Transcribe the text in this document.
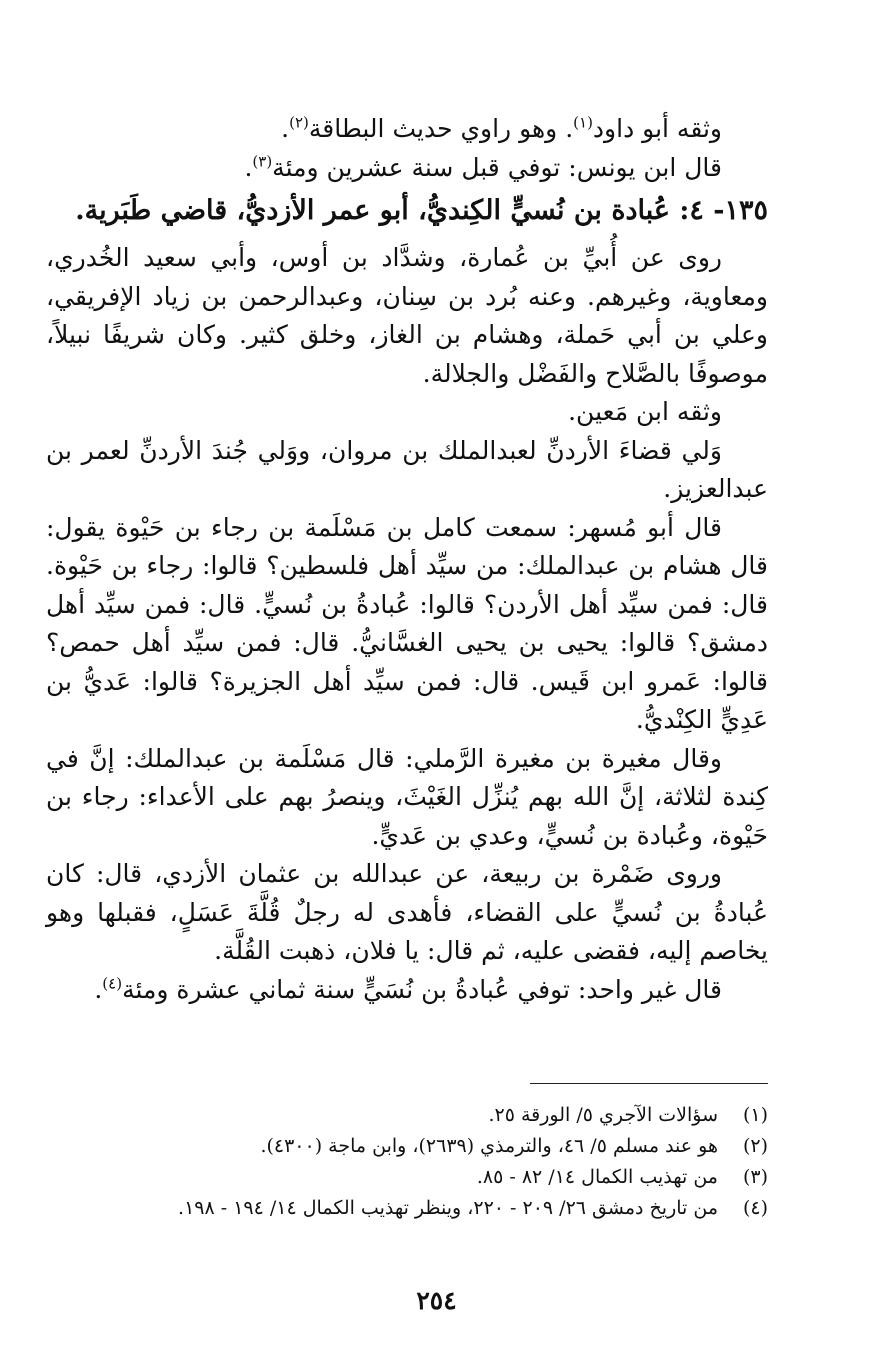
وثقه أبو داود$^{(١)}$. وهو راوي حديث البطاقة$^{(٢)}$.

قال ابن يونس: توفي قبل سنة عشرين ومئة$^{(٣)}$.

١٣٥- ٤: عُبادة بن نُسيٍّ الكِنديُّ، أبو عمر الأزديُّ، قاضي طَبَرية.

روى عن أُبيِّ بن عُمارة، وشدَّاد بن أوس، وأبي سعيد الخُدري، ومعاوية، وغيرهم. وعنه بُرد بن سِنان، وعبدالرحمن بن زياد الإفريقي، وعلي بن أبي حَملة، وهشام بن الغاز، وخلق كثير. وكان شريفًا نبيلاً، موصوفًا بالصَّلاح والفَضْل والجلالة.

وثقه ابن مَعين.

وَلي قضاءَ الأردنِّ لعبدالملك بن مروان، ووَلي جُندَ الأردنِّ لعمر بن عبدالعزيز.

قال أبو مُسهر: سمعت كامل بن مَسْلَمة بن رجاء بن حَيْوة يقول: قال هشام بن عبدالملك: من سيِّد أهل فلسطين؟ قالوا: رجاء بن حَيْوة. قال: فمن سيِّد أهل الأردن؟ قالوا: عُبادةُ بن نُسيٍّ. قال: فمن سيِّد أهل دمشق؟ قالوا: يحيى بن يحيى الغسَّانيُّ. قال: فمن سيِّد أهل حمص؟ قالوا: عَمرو ابن قَيس. قال: فمن سيِّد أهل الجزيرة؟ قالوا: عَديُّ بن عَدِيٍّ الكِنْديُّ.

وقال مغيرة بن مغيرة الرَّملي: قال مَسْلَمة بن عبدالملك: إنَّ في كِندة لثلاثة، إنَّ الله بهم يُنزِّل الغَيْثَ، وينصرُ بهم على الأعداء: رجاء بن حَيْوة، وعُبادة بن نُسيٍّ، وعدي بن عَديٍّ.

وروى ضَمْرة بن ربيعة، عن عبدالله بن عثمان الأزدي، قال: كان عُبادةُ بن نُسيٍّ على القضاء، فأهدى له رجلٌ قُلَّةَ عَسَلٍ، فقبلها وهو يخاصم إليه، فقضى عليه، ثم قال: يا فلان، ذهبت القُلَّة.

قال غير واحد: توفي عُبادةُ بن نُسَيٍّ سنة ثماني عشرة ومئة$^{(٤)}$.

(١)
سؤالات الآجري ٥/ الورقة ٢٥.
(٢)
هو عند مسلم ٥/ ٤٦، والترمذي (٢٦٣٩)، وابن ماجة (٤٣٠٠).
(٣)
من تهذيب الكمال ١٤/ ٨٢ - ٨٥.
(٤)
من تاريخ دمشق ٢٦/ ٢٠٩ - ٢٢٠، وينظر تهذيب الكمال ١٤/ ١٩٤ - ١٩٨.
٢٥٤
